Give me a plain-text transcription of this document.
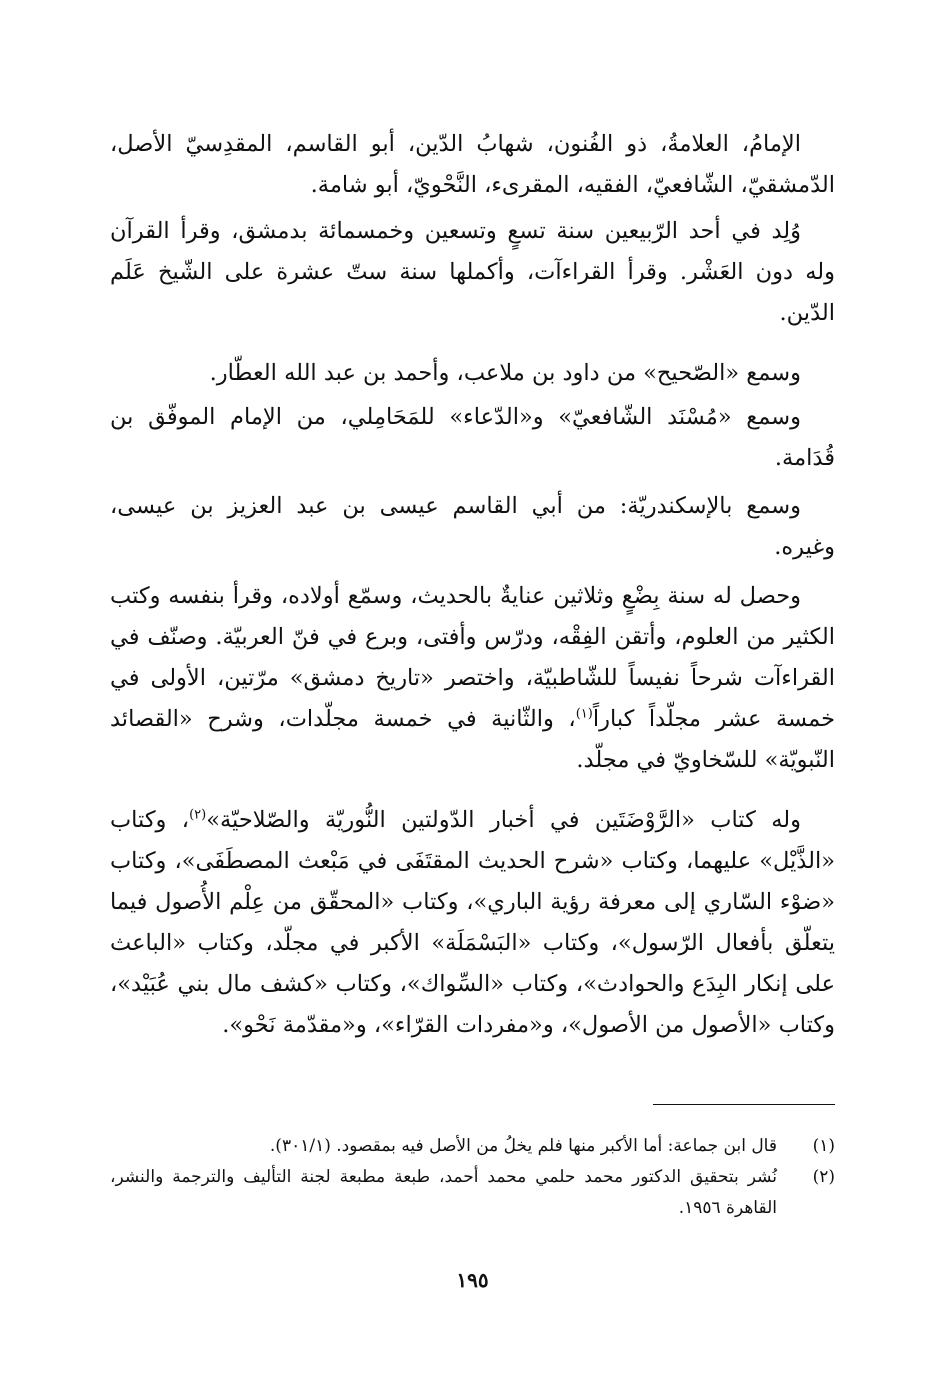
الإمامُ، العلامةُ، ذو الفُنون، شهابُ الدّين، أبو القاسم، المقدِسيّ الأصل، الدّمشقيّ، الشّافعيّ، الفقيه، المقرىء، النَّحْويّ، أبو شامة.

وُلِد في أحد الرّبيعين سنة تسعٍ وتسعين وخمسمائة بدمشق، وقرأ القرآن وله دون العَشْر. وقرأ القراءآت، وأكملها سنة ستّ عشرة على الشّيخ عَلَم الدّين.

وسمع «الصّحيح» من داود بن ملاعب، وأحمد بن عبد الله العطّار.

وسمع «مُسْنَد الشّافعيّ» و«الدّعاء» للمَحَامِلي، من الإمام الموفّق بن قُدَامة.

وسمع بالإسكندريّة: من أبي القاسم عيسى بن عبد العزيز بن عيسى، وغيره.

وحصل له سنة بِضْعٍ وثلاثين عنايةٌ بالحديث، وسمّع أولاده، وقرأ بنفسه وكتب الكثير من العلوم، وأتقن الفِقْه، ودرّس وأفتى، وبرع في فنّ العربيّة. وصنّف في القراءآت شرحاً نفيساً للشّاطبيّة، واختصر «تاريخ دمشق» مرّتين، الأولى في خمسة عشر مجلّداً كباراً$^{(١)}$، والثّانية في خمسة مجلّدات، وشرح «القصائد النّبويّة» للسّخاويّ في مجلّد.

وله كتاب «الرَّوْضَتَين في أخبار الدّولتين النُّوريّة والصّلاحيّة»$^{(٢)}$، وكتاب «الذَّيْل» عليهما، وكتاب «شرح الحديث المقتَفَى في مَبْعث المصطَفَى»، وكتاب «ضوْء السّاري إلى معرفة رؤية الباري»، وكتاب «المحقّق من عِلْم الأُصول فيما يتعلّق بأفعال الرّسول»، وكتاب «البَسْمَلَة» الأكبر في مجلّد، وكتاب «الباعث على إنكار البِدَع والحوادث»، وكتاب «السِّواك»، وكتاب «كشف مال بني عُبَيْد»، وكتاب «الأصول من الأصول»، و«مفردات القرّاء»، و«مقدّمة نَحْو».

(١)
قال ابن جماعة: أما الأكبر منها فلم يخلُ من الأصل فيه بمقصود. (٣٠١/١).
(٢)
نُشر بتحقيق الدكتور محمد حلمي محمد أحمد، طبعة مطبعة لجنة التأليف والترجمة والنشر، القاهرة ١٩٥٦.
١٩٥
